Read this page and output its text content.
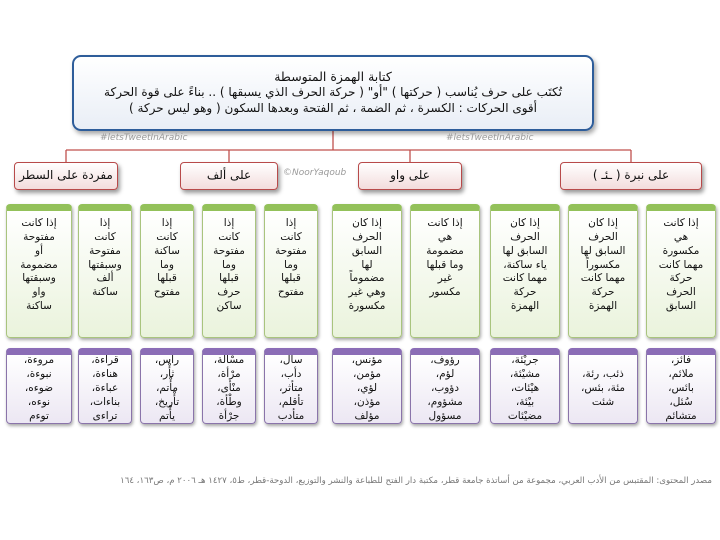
كتابة الهمزة المتوسطة
تُكتَب على حرف يُناسب ( حركتها ) "أو" ( حركة الحرف الذي يسبقها ) .. بناءً على قوة الحركة
أقوى الحركات : الكسرة ، ثم الضمة ، ثم الفتحة وبعدها السكون ( وهو ليس حركة )
#letsTweetInArabic	#letsTweetInArabic
©NoorYaqoub	على نبرة ( ـئـ )
على واو
على ألف
مفردة على السطر
إذا كانت
هي
مكسورة
مهما كانت
حركة
الحرف
السابق
إذا كان
الحرف
السابق لها
مكسوراً
مهما كانت
حركة
الهمزة
إذا كان
الحرف
السابق لها
ياء ساكنة،
مهما كانت
حركة
الهمزة
إذا كانت
هي
مضمومة
وما قبلها
غير
مكسور
إذا كان
الحرف
السابق
لها
مضموماً
وهي غير
مكسورة
إذا
كانت
مفتوحة
وما
قبلها
مفتوح
إذا
كانت
مفتوحة
وما
قبلها
حرف
ساكن
إذا
كانت
ساكنة
وما
قبلها
مفتوح
إذا
كانت
مفتوحة
وسبقتها
ألف
ساكنة
إذا كانت
مفتوحة
أو
مضمومة
وسبقتها
واو
ساكنة
فائز،
ملائم،
بائس،
سُئل،
متشائم
ذئب، رئة،
مئة، بئس،
شئت
جريْئة،
مشيْئة،
هيْئات،
بيْئة،
مضيْئات
رؤوف،
لؤم،
دؤوب،
مشؤوم،
مسؤول
مؤنس،
مؤمن،
لؤي،
مؤذن،
مؤلف
سأل،
دأب،
متأثر،
تأقلم،
متأدب
مسْألة،
مرْأة،
منْأى،
وطْأة،
جرْأة
رأْس،
ثأْر،
مأْتم،
تأْريخ،
يأْتم
قراءة،
هناءة،
عباءة،
بناءات،
تراءى
مروءة،
نبوءة،
ضوءه،
نوءه،
توءم
مصدر المحتوى: المقتبس من الأدب العربي، مجموعة من أساتذة جامعة قطر، مكتبة دار الفتح للطباعة والنشر والتوزيع، الدوحة-قطر، ط٥، ١٤٢٧ هـ ٢٠٠٦ م، ص١٦٣، ١٦٤
